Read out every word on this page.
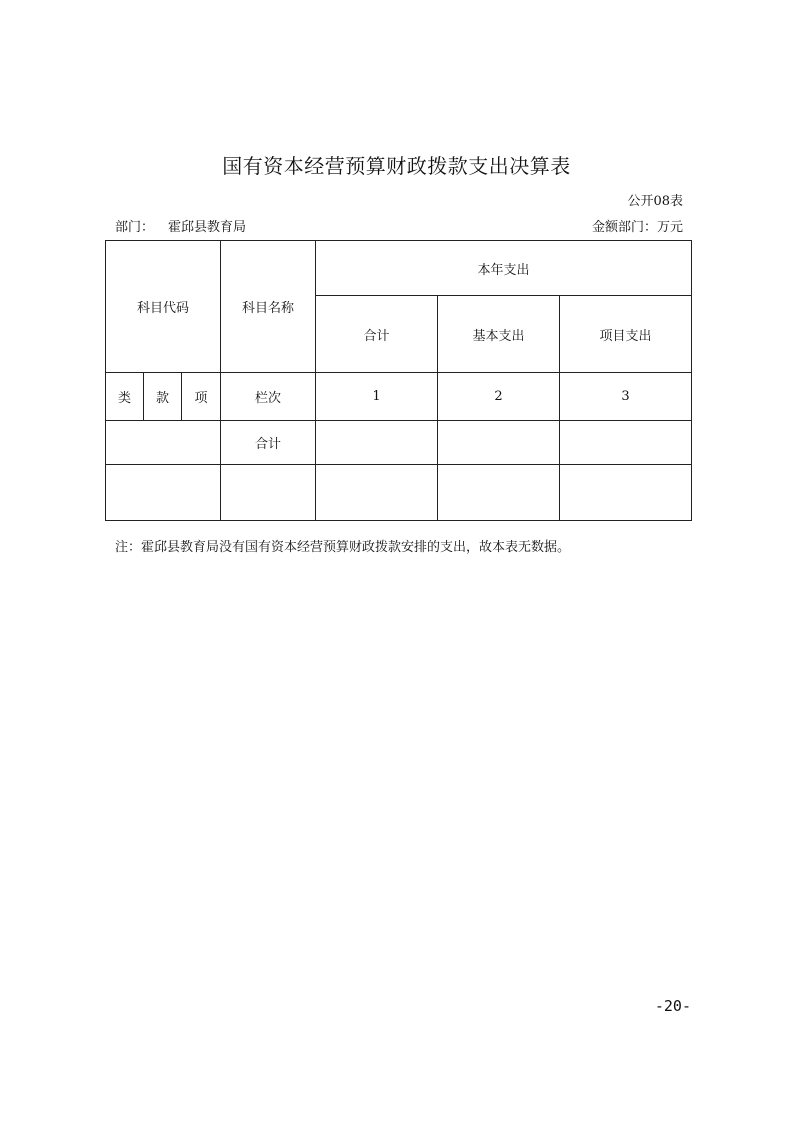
国有资本经营预算财政拨款支出决算表
公开08表
部门： 霍邱县教育局	金额部门：万元
科目代码			科目名称	本年支出		
				合计	基本支出	项目支出
类	款	项	栏次	1	2	3
			合计			

注：霍邱县教育局没有国有资本经营预算财政拨款安排的支出，故本表无数据。
-20-
